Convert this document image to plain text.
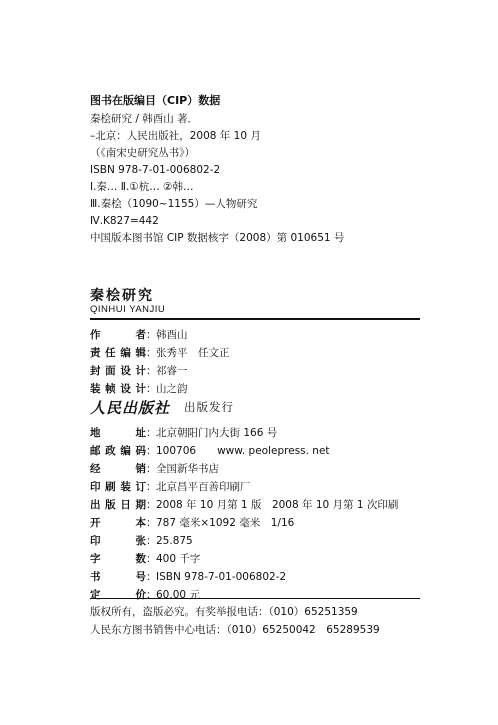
图书在版编目（CIP）数据
秦桧研究 / 韩酉山 著．
–北京：人民出版社，2008 年 10 月
（《南宋史研究丛书》）
ISBN 978-7-01-006802-2
Ⅰ.秦… Ⅱ.①杭… ②韩…
Ⅲ.秦桧（1090~1155）—人物研究
Ⅳ.K827=442
中国版本图书馆 CIP 数据核字（2008）第 010651 号
秦桧研究
QINHUI YANJIU
作者 ： 韩酉山
责任编辑 ： 张秀平　任文正
封面设计 ： 祁睿一
装帧设计 ： 山之韵
人民出版社 出版发行
地址 ： 北京朝阳门内大街 166 号
邮政编码 ： 100706　　www. peolepress. net
经销 ： 全国新华书店
印刷装订 ： 北京昌平百善印刷厂
出版日期 ： 2008 年 10 月第 1 版　2008 年 10 月第 1 次印刷
开本 ： 787 毫米×1092 毫米　1/16
印张 ： 25.875
字数 ： 400 千字
书号 ： ISBN 978-7-01-006802-2
定价 ： 60.00 元
版权所有，盗版必究。有奖举报电话：（010）65251359
人民东方图书销售中心电话：（010）65250042　65289539
